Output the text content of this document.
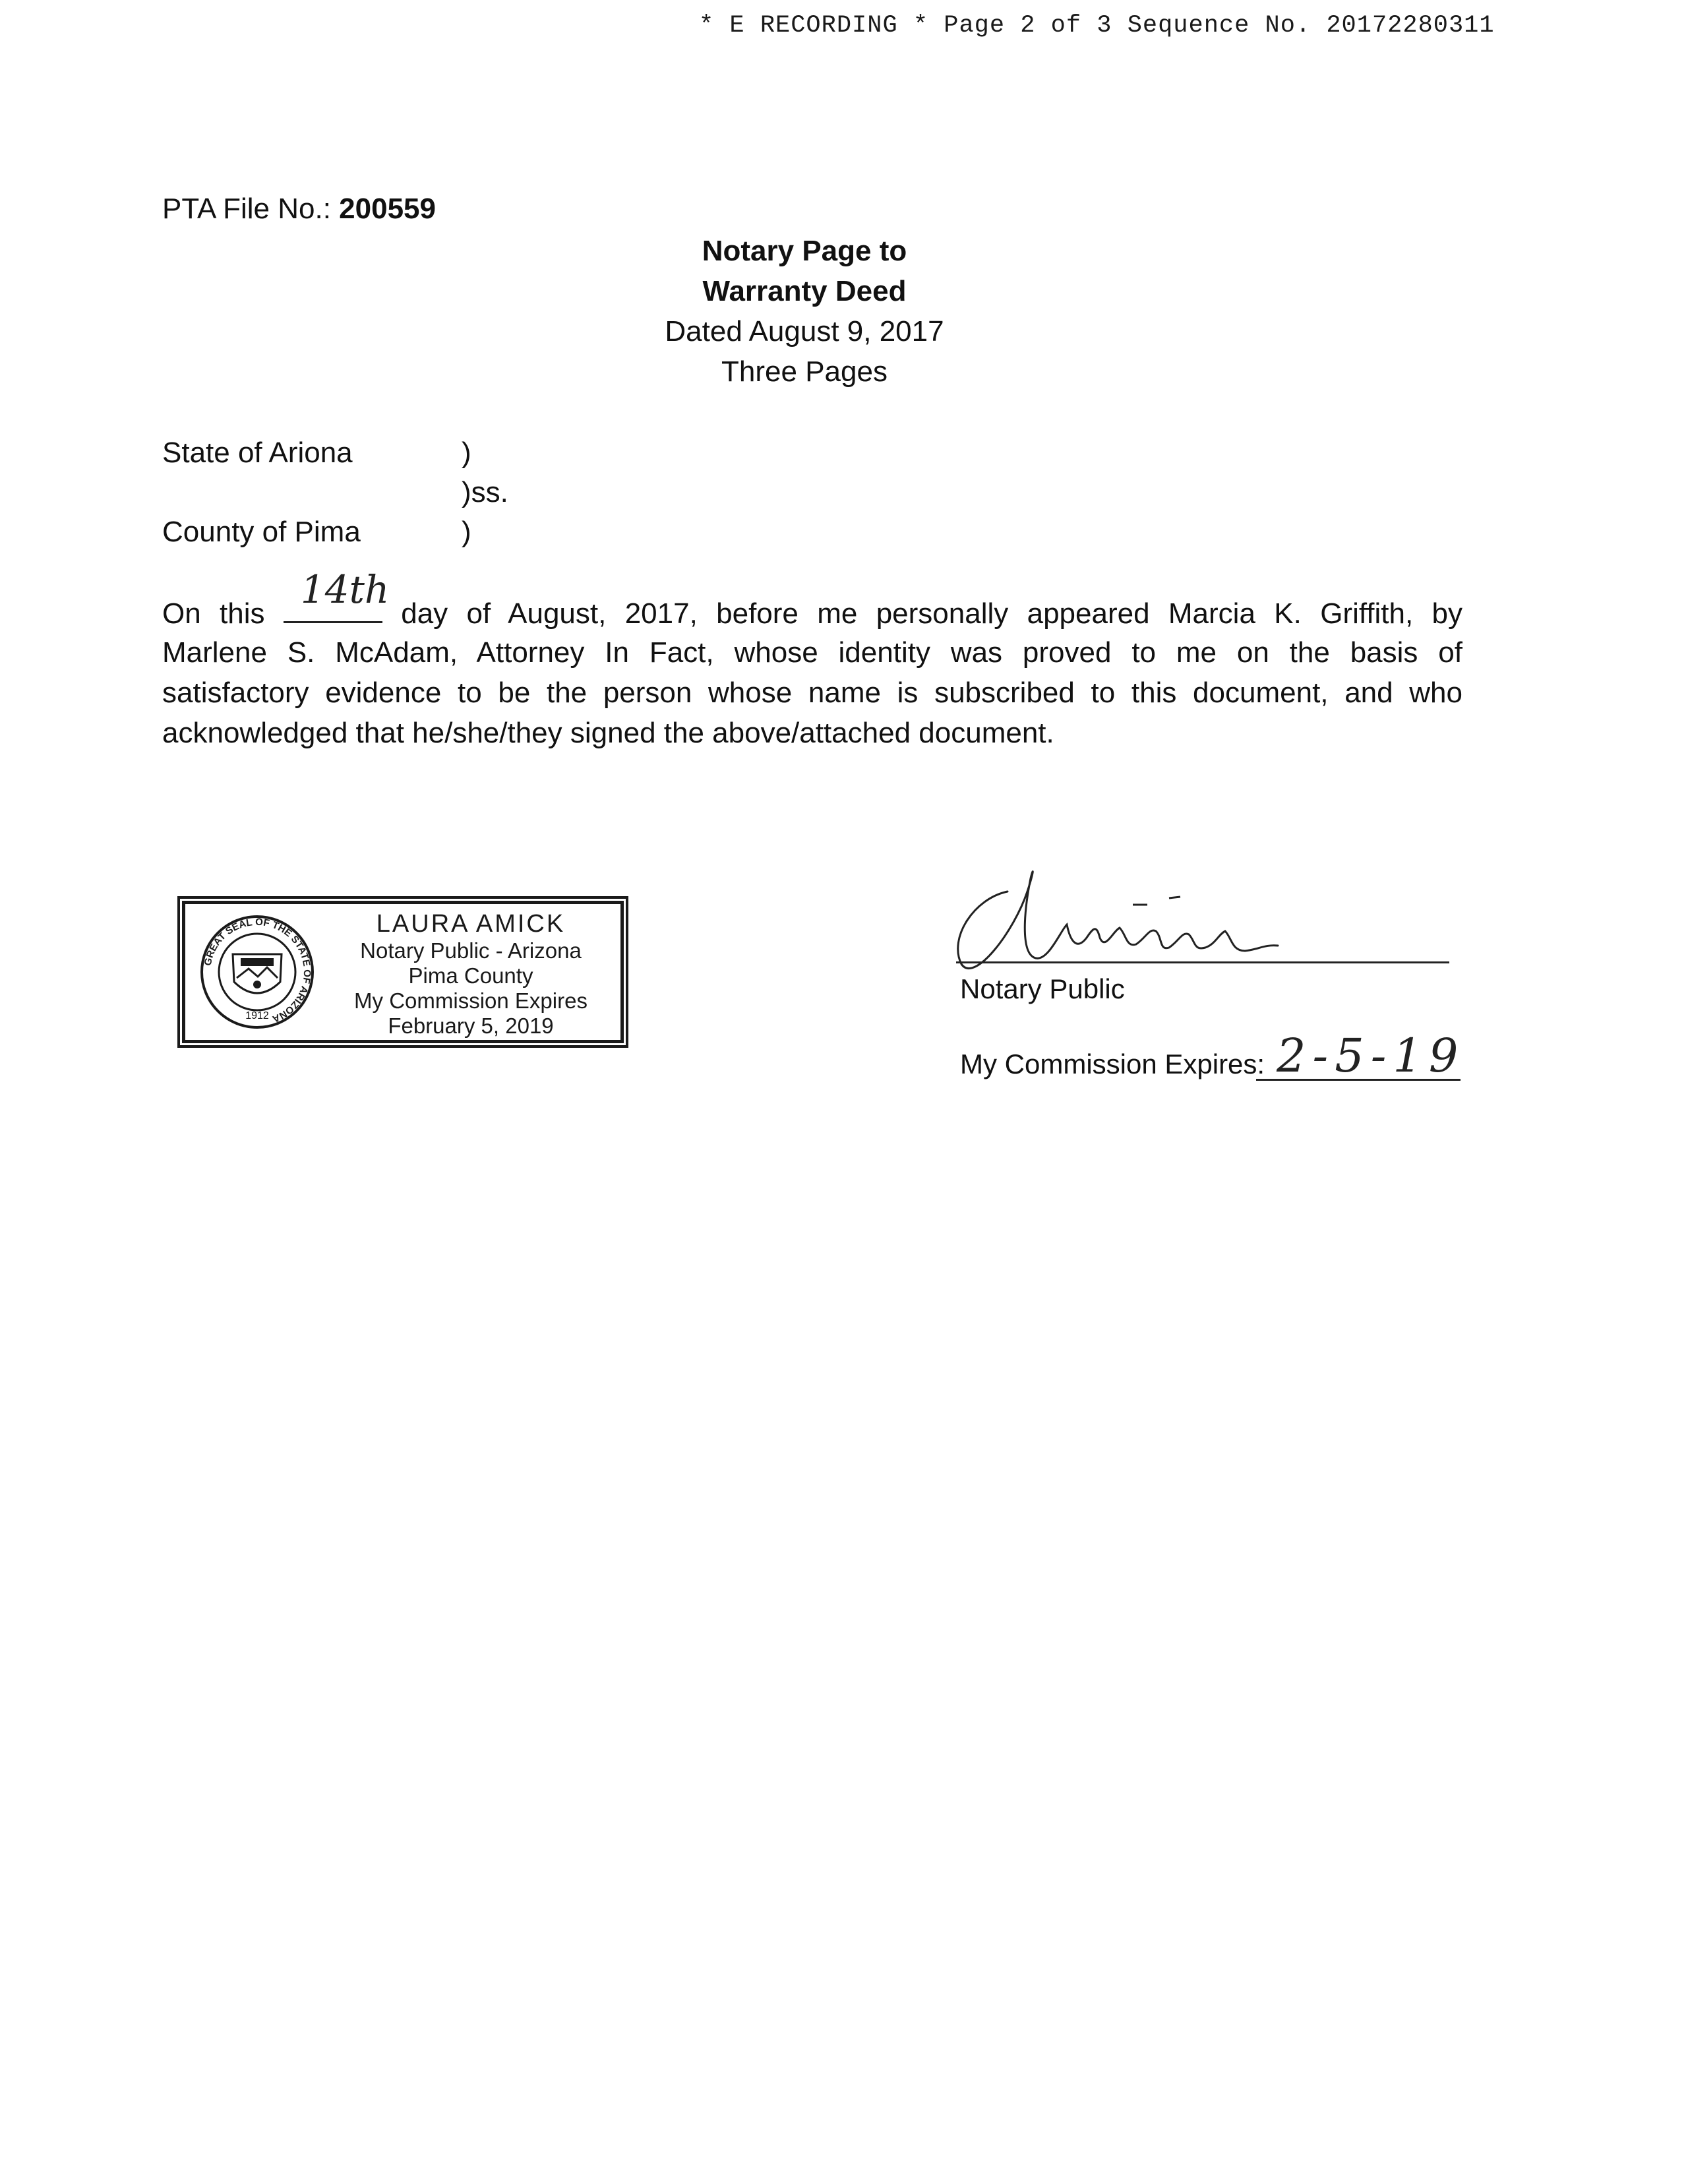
* E RECORDING * Page 2 of 3 Sequence No. 20172280311
PTA File No.: 200559
Notary Page to
Warranty Deed
Dated August 9, 2017
Three Pages
State of Ariona	)
)ss.
County of Pima	)
On this
14th
day of August, 2017, before me personally appeared Marcia K. Griffith, by
Marlene S. McAdam, Attorney In Fact, whose identity was proved to me on the basis of
satisfactory evidence to be the person whose name is subscribed to this document, and who
acknowledged that he/she/they signed the above/attached document.
GREAT SEAL OF THE STATE OF ARIZONA
1912
LAURA AMICK
Notary Public - Arizona
Pima County
My Commission Expires
February 5, 2019
Notary Public
My Commission Expires: 2-5-19
